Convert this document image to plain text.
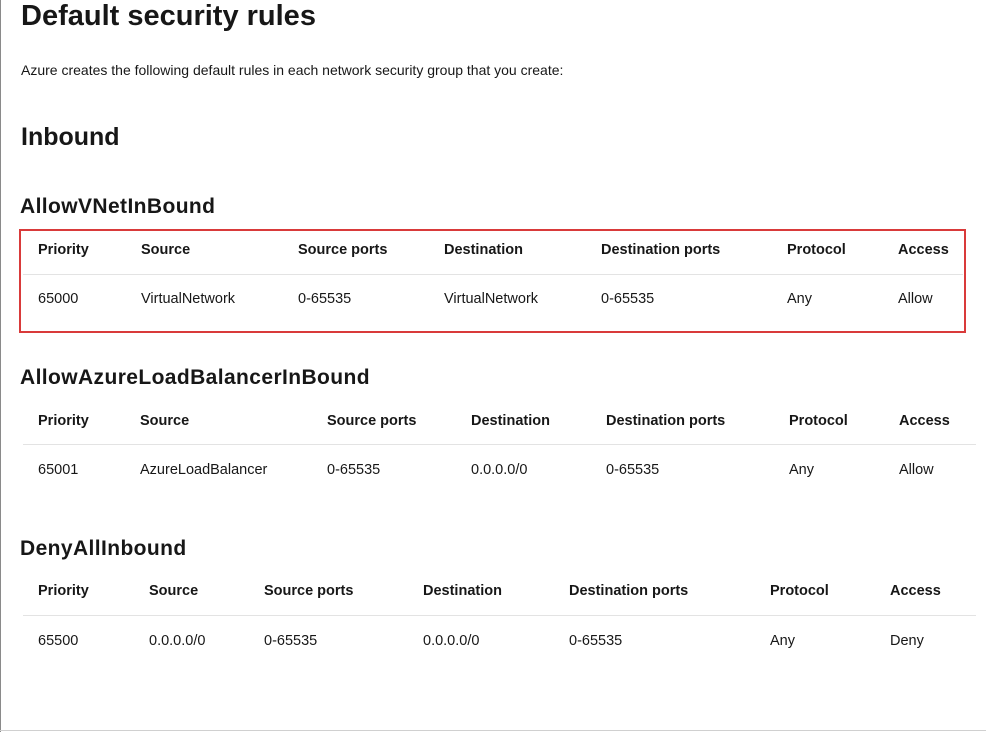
Default security rules
Azure creates the following default rules in each network security group that you create:
Inbound
AllowVNetInBound
Priority	Source	Source ports	Destination	Destination ports	Protocol	Access
65000	VirtualNetwork	0-65535	VirtualNetwork	0-65535	Any	Allow
AllowAzureLoadBalancerInBound
Priority	Source	Source ports	Destination	Destination ports	Protocol	Access
65001	AzureLoadBalancer	0-65535	0.0.0.0/0	0-65535	Any	Allow
DenyAllInbound
Priority	Source	Source ports	Destination	Destination ports	Protocol	Access
65500	0.0.0.0/0	0-65535	0.0.0.0/0	0-65535	Any	Deny
